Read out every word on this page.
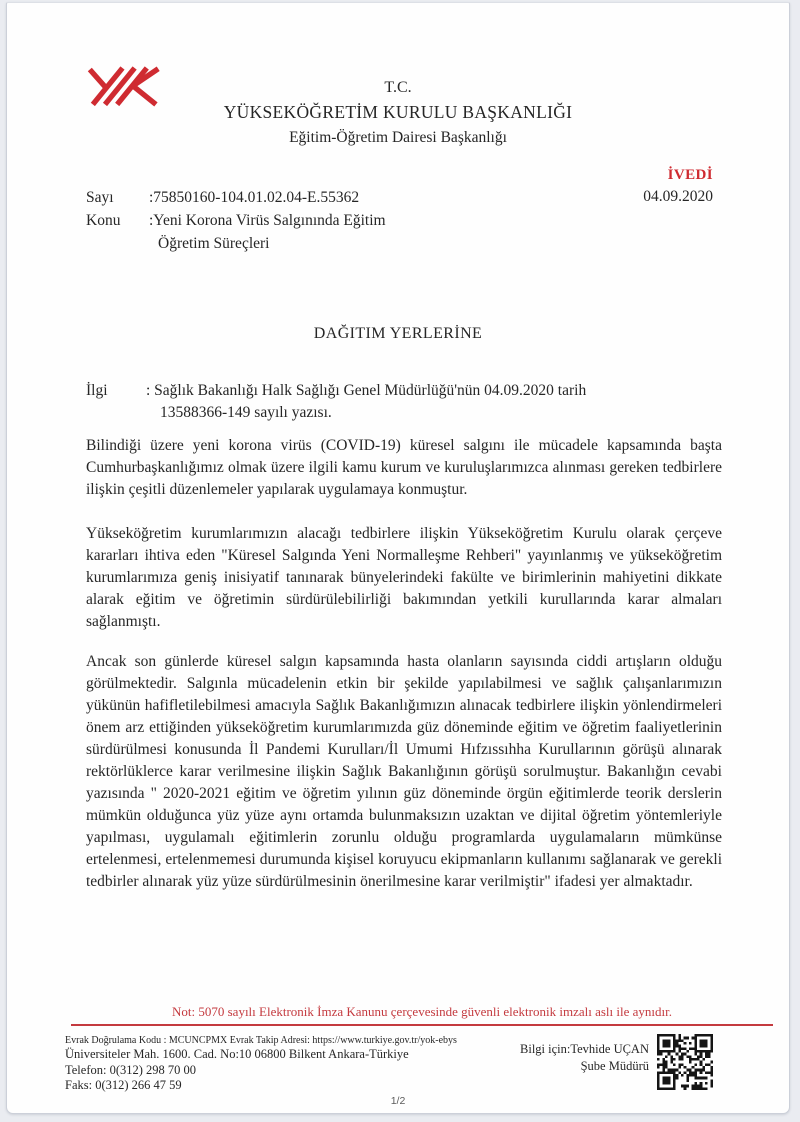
T.C.
YÜKSEKÖĞRETİM KURULU BAŞKANLIĞI
Eğitim-Öğretim Dairesi Başkanlığı
İVEDİ
04.09.2020
Sayı	:75850160-104.01.02.04-E.55362
Konu	:Yeni Korona Virüs Salgınında Eğitim
Öğretim Süreçleri
DAĞITIM YERLERİNE
İlgi	: Sağlık Bakanlığı Halk Sağlığı Genel Müdürlüğü'nün 04.09.2020 tarih
13588366-149 sayılı yazısı.

Bilindiği üzere yeni korona virüs (COVID-19) küresel salgını ile mücadele kapsamında başta Cumhurbaşkanlığımız olmak üzere ilgili kamu kurum ve kuruluşlarımızca alınması gereken tedbirlere ilişkin çeşitli düzenlemeler yapılarak uygulamaya konmuştur.

Yükseköğretim kurumlarımızın alacağı tedbirlere ilişkin Yükseköğretim Kurulu olarak çerçeve kararları ihtiva eden "Küresel Salgında Yeni Normalleşme Rehberi" yayınlanmış ve yükseköğretim kurumlarımıza geniş inisiyatif tanınarak bünyelerindeki fakülte ve birimlerinin mahiyetini dikkate alarak eğitim ve öğretimin sürdürülebilirliği bakımından yetkili kurullarında karar almaları sağlanmıştı.

Ancak son günlerde küresel salgın kapsamında hasta olanların sayısında ciddi artışların olduğu görülmektedir. Salgınla mücadelenin etkin bir şekilde yapılabilmesi ve sağlık çalışanlarımızın yükünün hafifletilebilmesi amacıyla Sağlık Bakanlığımızın alınacak tedbirlere ilişkin yönlendirmeleri önem arz ettiğinden yükseköğretim kurumlarımızda güz döneminde eğitim ve öğretim faaliyetlerinin sürdürülmesi konusunda İl Pandemi Kurulları/İl Umumi Hıfzıssıhha Kurullarının görüşü alınarak rektörlüklerce karar verilmesine ilişkin Sağlık Bakanlığının görüşü sorulmuştur. Bakanlığın cevabi yazısında " 2020-2021 eğitim ve öğretim yılının güz döneminde örgün eğitimlerde teorik derslerin mümkün olduğunca yüz yüze aynı ortamda bulunmaksızın uzaktan ve dijital öğretim yöntemleriyle yapılması, uygulamalı eğitimlerin zorunlu olduğu programlarda uygulamaların mümkünse ertelenmesi, ertelenmemesi durumunda kişisel koruyucu ekipmanların kullanımı sağlanarak ve gerekli tedbirler alınarak yüz yüze sürdürülmesinin önerilmesine karar verilmiştir" ifadesi yer almaktadır.

Not: 5070 sayılı Elektronik İmza Kanunu çerçevesinde güvenli elektronik imzalı aslı ile aynıdır.
Evrak Doğrulama Kodu : MCUNCPMX Evrak Takip Adresi: https://www.turkiye.gov.tr/yok-ebys
Üniversiteler Mah. 1600. Cad. No:10 06800 Bilkent Ankara-Türkiye
Telefon: 0(312) 298 70 00
Faks: 0(312) 266 47 59
Bilgi için:Tevhide UÇAN
Şube Müdürü
1/2
